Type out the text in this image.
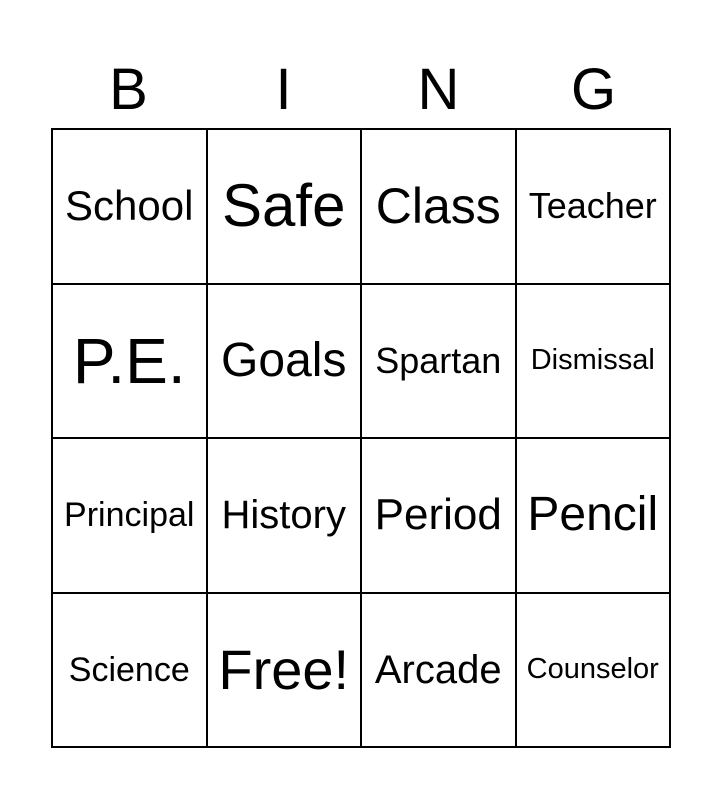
B	I	N	G
School Safe Class Teacher
P.E. Goals Spartan Dismissal
Principal History Period Pencil
Science Free! Arcade Counselor
